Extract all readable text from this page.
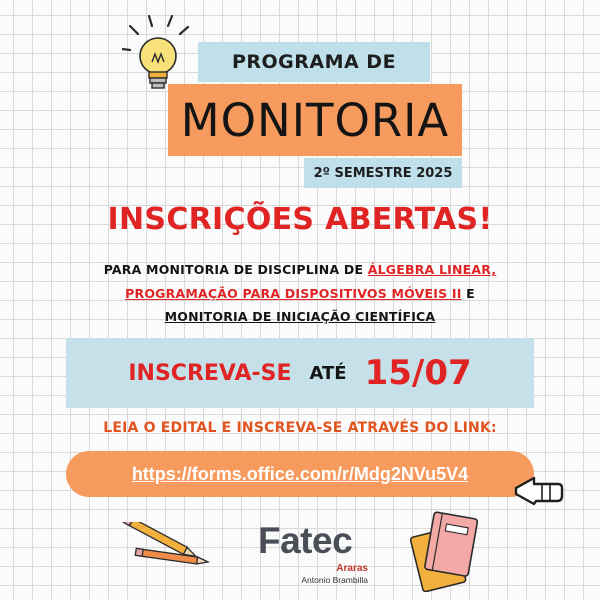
PROGRAMA DE
MONITORIA
2º SEMESTRE 2025
INSCRIÇÕES ABERTAS!
PARA MONITORIA DE DISCIPLINA DE ÁLGEBRA LINEAR,
PROGRAMAÇÃO PARA DISPOSITIVOS MÓVEIS II E
MONITORIA DE INICIAÇÃO CIENTÍFICA
INSCREVA-SE ATÉ 15/07
LEIA O EDITAL E INSCREVA-SE ATRAVÉS DO LINK:
https://forms.office.com/r/Mdg2NVu5V4
Fatec
Araras
Antonio Brambilla
